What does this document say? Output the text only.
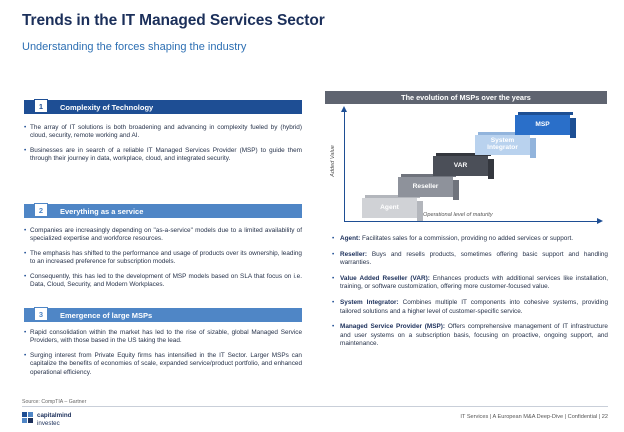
Trends in the IT Managed Services Sector
Understanding the forces shaping the industry
1	Complexity of Technology

• The array of IT solutions is both broadening and advancing in complexity fueled by (hybrid) cloud, security, remote working and AI.

• Businesses are in search of a reliable IT Managed Services Provider (MSP) to guide them through their journey in data, workplace, cloud, and integrated security.

2	Everything as a service

• Companies are increasingly depending on "as-a-service" models due to a limited availability of specialized expertise and workforce resources.

• The emphasis has shifted to the performance and usage of products over its ownership, leading to an increased preference for subscription models.

• Consequently, this has led to the development of MSP models based on SLA that focus on i.e. Data, Cloud, Security, and Modern Workplaces.

3	Emergence of large MSPs

• Rapid consolidation within the market has led to the rise of sizable, global Managed Service Providers, with those based in the US taking the lead.

• Surging interest from Private Equity firms has intensified in the IT Sector. Larger MSPs can capitalize the benefits of economies of scale, expanded service/product portfolio, and enhanced operational efficiency.

The evolution of MSPs over the years
Added Value
Operational level of maturity
Agent
Reseller
VAR
System Integrator
MSP

• Agent: Facilitates sales for a commission, providing no added services or support.

• Reseller: Buys and resells products, sometimes offering basic support and handling warranties.

• Value Added Reseller (VAR): Enhances products with additional services like installation, training, or software customization, offering more customer-focused value.

• System Integrator: Combines multiple IT components into cohesive systems, providing tailored solutions and a higher level of customer-specific service.

• Managed Service Provider (MSP): Offers comprehensive management of IT infrastructure and user systems on a subscription basis, focusing on proactive, ongoing support, and maintenance.

Source: CompTIA – Gartner
capitalmind
investec
IT Services | A European M&A Deep-Dive | Confidential | 22
